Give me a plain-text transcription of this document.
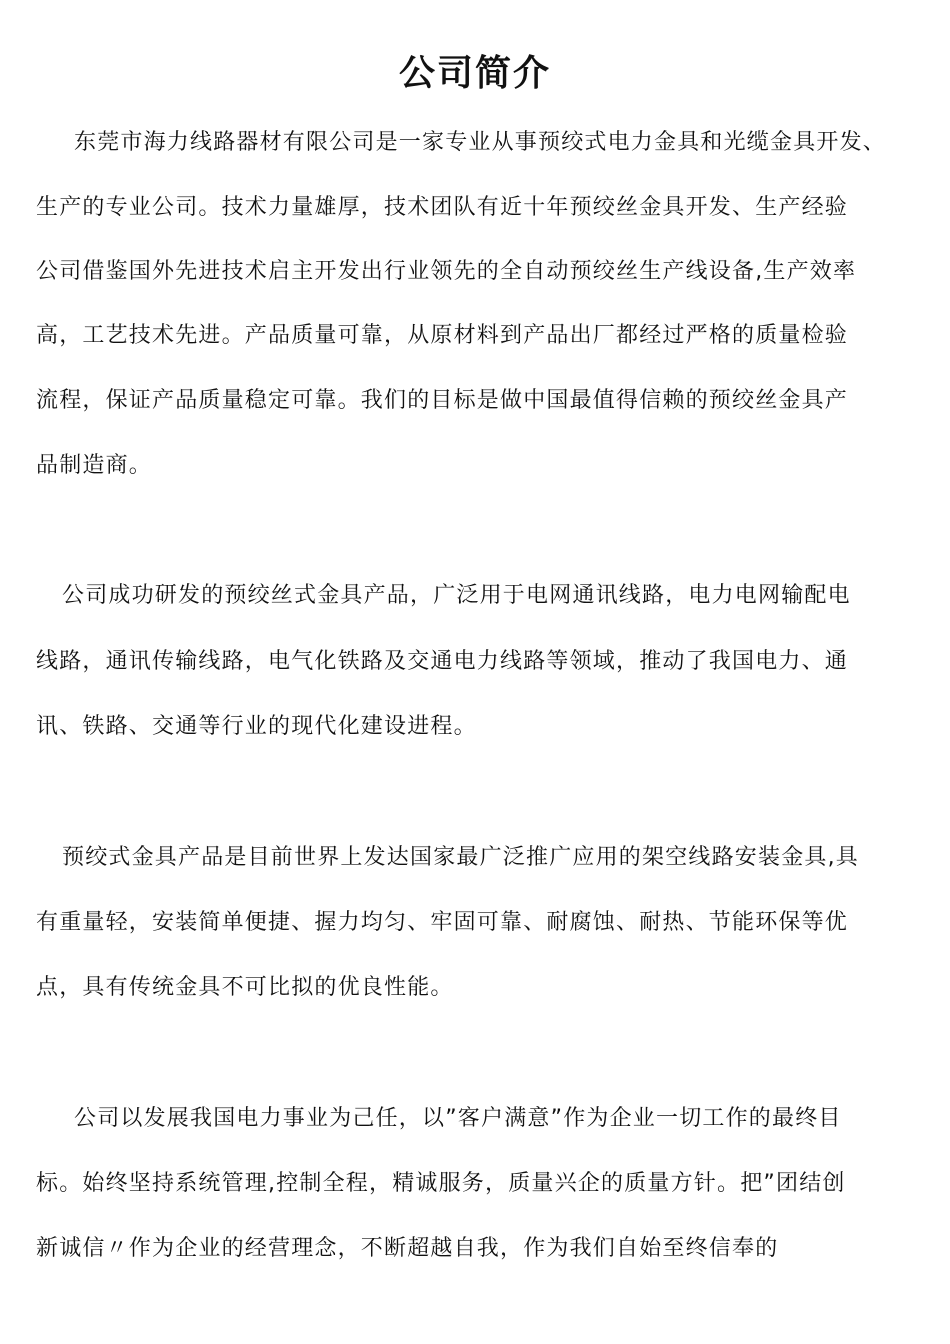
公司简介
东莞市海力线路器材有限公司是一家专业从事预绞式电力金具和光缆金具开发、
生产的专业公司。技术力量雄厚，技术团队有近十年预绞丝金具开发、生产经验
公司借鉴国外先进技术启主开发出行业领先的全自动预绞丝生产线设备,生产效率
高，工艺技术先进。产品质量可靠，从原材料到产品出厂都经过严格的质量检验
流程，保证产品质量稳定可靠。我们的目标是做中国最值得信赖的预绞丝金具产
品制造商。
公司成功研发的预绞丝式金具产品，广泛用于电网通讯线路，电力电网输配电
线路，通讯传输线路，电气化铁路及交通电力线路等领域，推动了我国电力、通
讯、铁路、交通等行业的现代化建设进程。
预绞式金具产品是目前世界上发达国家最广泛推广应用的架空线路安装金具,具
有重量轻，安装简单便捷、握力均匀、牢固可靠、耐腐蚀、耐热、节能环保等优
点，具有传统金具不可比拟的优良性能。
公司以发展我国电力事业为己任，以”客户满意”作为企业一切工作的最终目
标。始终坚持系统管理,控制全程，精诚服务，质量兴企的质量方针。把”团结创
新诚信〃作为企业的经营理念，不断超越自我，作为我们自始至终信奉的
